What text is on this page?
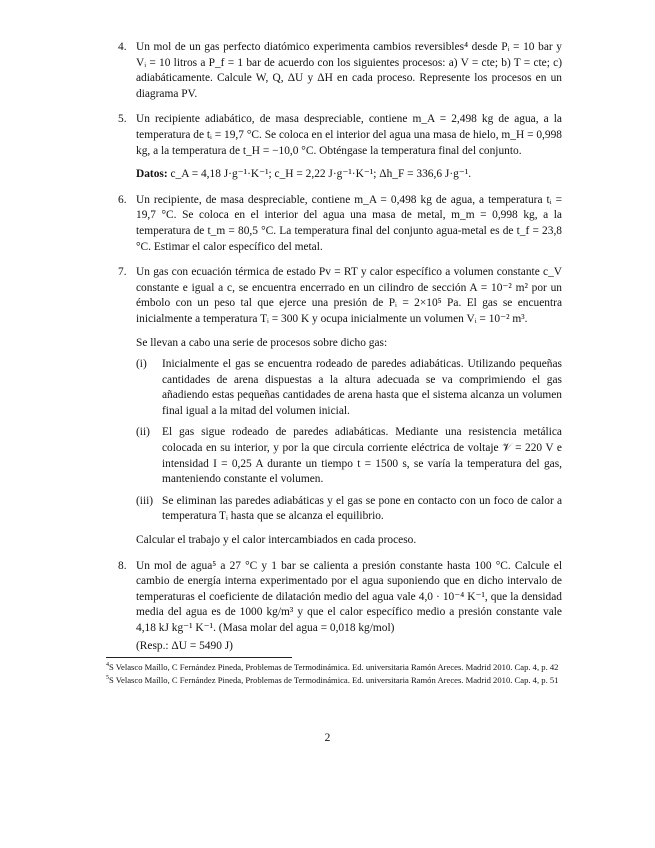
4. Un mol de un gas perfecto diatómico experimenta cambios reversibles⁴ desde Pᵢ = 10 bar y Vᵢ = 10 litros a P_f = 1 bar de acuerdo con los siguientes procesos: a) V = cte; b) T = cte; c) adiabáticamente. Calcule W, Q, ΔU y ΔH en cada proceso. Represente los procesos en un diagrama PV.

5. Un recipiente adiabático, de masa despreciable, contiene m_A = 2,498 kg de agua, a la temperatura de tᵢ = 19,7 °C. Se coloca en el interior del agua una masa de hielo, m_H = 0,998 kg, a la temperatura de t_H = −10,0 °C. Obténgase la temperatura final del conjunto.

Datos: c_A = 4,18 J·g⁻¹·K⁻¹; c_H = 2,22 J·g⁻¹·K⁻¹; Δh_F = 336,6 J·g⁻¹.

6. Un recipiente, de masa despreciable, contiene m_A = 0,498 kg de agua, a temperatura tᵢ = 19,7 °C. Se coloca en el interior del agua una masa de metal, m_m = 0,998 kg, a la temperatura de t_m = 80,5 °C. La temperatura final del conjunto agua-metal es de t_f = 23,8 °C. Estimar el calor específico del metal.

7. Un gas con ecuación térmica de estado Pv = RT y calor específico a volumen constante c_V constante e igual a c, se encuentra encerrado en un cilindro de sección A = 10⁻² m² por un émbolo con un peso tal que ejerce una presión de Pᵢ = 2×10⁵ Pa. El gas se encuentra inicialmente a temperatura Tᵢ = 300 K y ocupa inicialmente un volumen Vᵢ = 10⁻² m³.

Se llevan a cabo una serie de procesos sobre dicho gas:

(i) Inicialmente el gas se encuentra rodeado de paredes adiabáticas. Utilizando pequeñas cantidades de arena dispuestas a la altura adecuada se va comprimiendo el gas añadiendo estas pequeñas cantidades de arena hasta que el sistema alcanza un volumen final igual a la mitad del volumen inicial.
(ii) El gas sigue rodeado de paredes adiabáticas. Mediante una resistencia metálica colocada en su interior, y por la que circula corriente eléctrica de voltaje 𝒱 = 220 V e intensidad I = 0,25 A durante un tiempo t = 1500 s, se varía la temperatura del gas, manteniendo constante el volumen.
(iii) Se eliminan las paredes adiabáticas y el gas se pone en contacto con un foco de calor a temperatura Tᵢ hasta que se alcanza el equilibrio.

Calcular el trabajo y el calor intercambiados en cada proceso.

8. Un mol de agua⁵ a 27 °C y 1 bar se calienta a presión constante hasta 100 °C. Calcule el cambio de energía interna experimentado por el agua suponiendo que en dicho intervalo de temperaturas el coeficiente de dilatación medio del agua vale 4,0 · 10⁻⁴ K⁻¹, que la densidad media del agua es de 1000 kg/m³ y que el calor específico medio a presión constante vale 4,18 kJ kg⁻¹ K⁻¹. (Masa molar del agua = 0,018 kg/mol)

(Resp.: ΔU = 5490 J)
$^4$S Velasco Maíllo, C Fernández Pineda, Problemas de Termodinámica. Ed. universitaria Ramón Areces. Madrid 2010. Cap. 4, p. 42
$^5$S Velasco Maíllo, C Fernández Pineda, Problemas de Termodinámica. Ed. universitaria Ramón Areces. Madrid 2010. Cap. 4, p. 51
2
